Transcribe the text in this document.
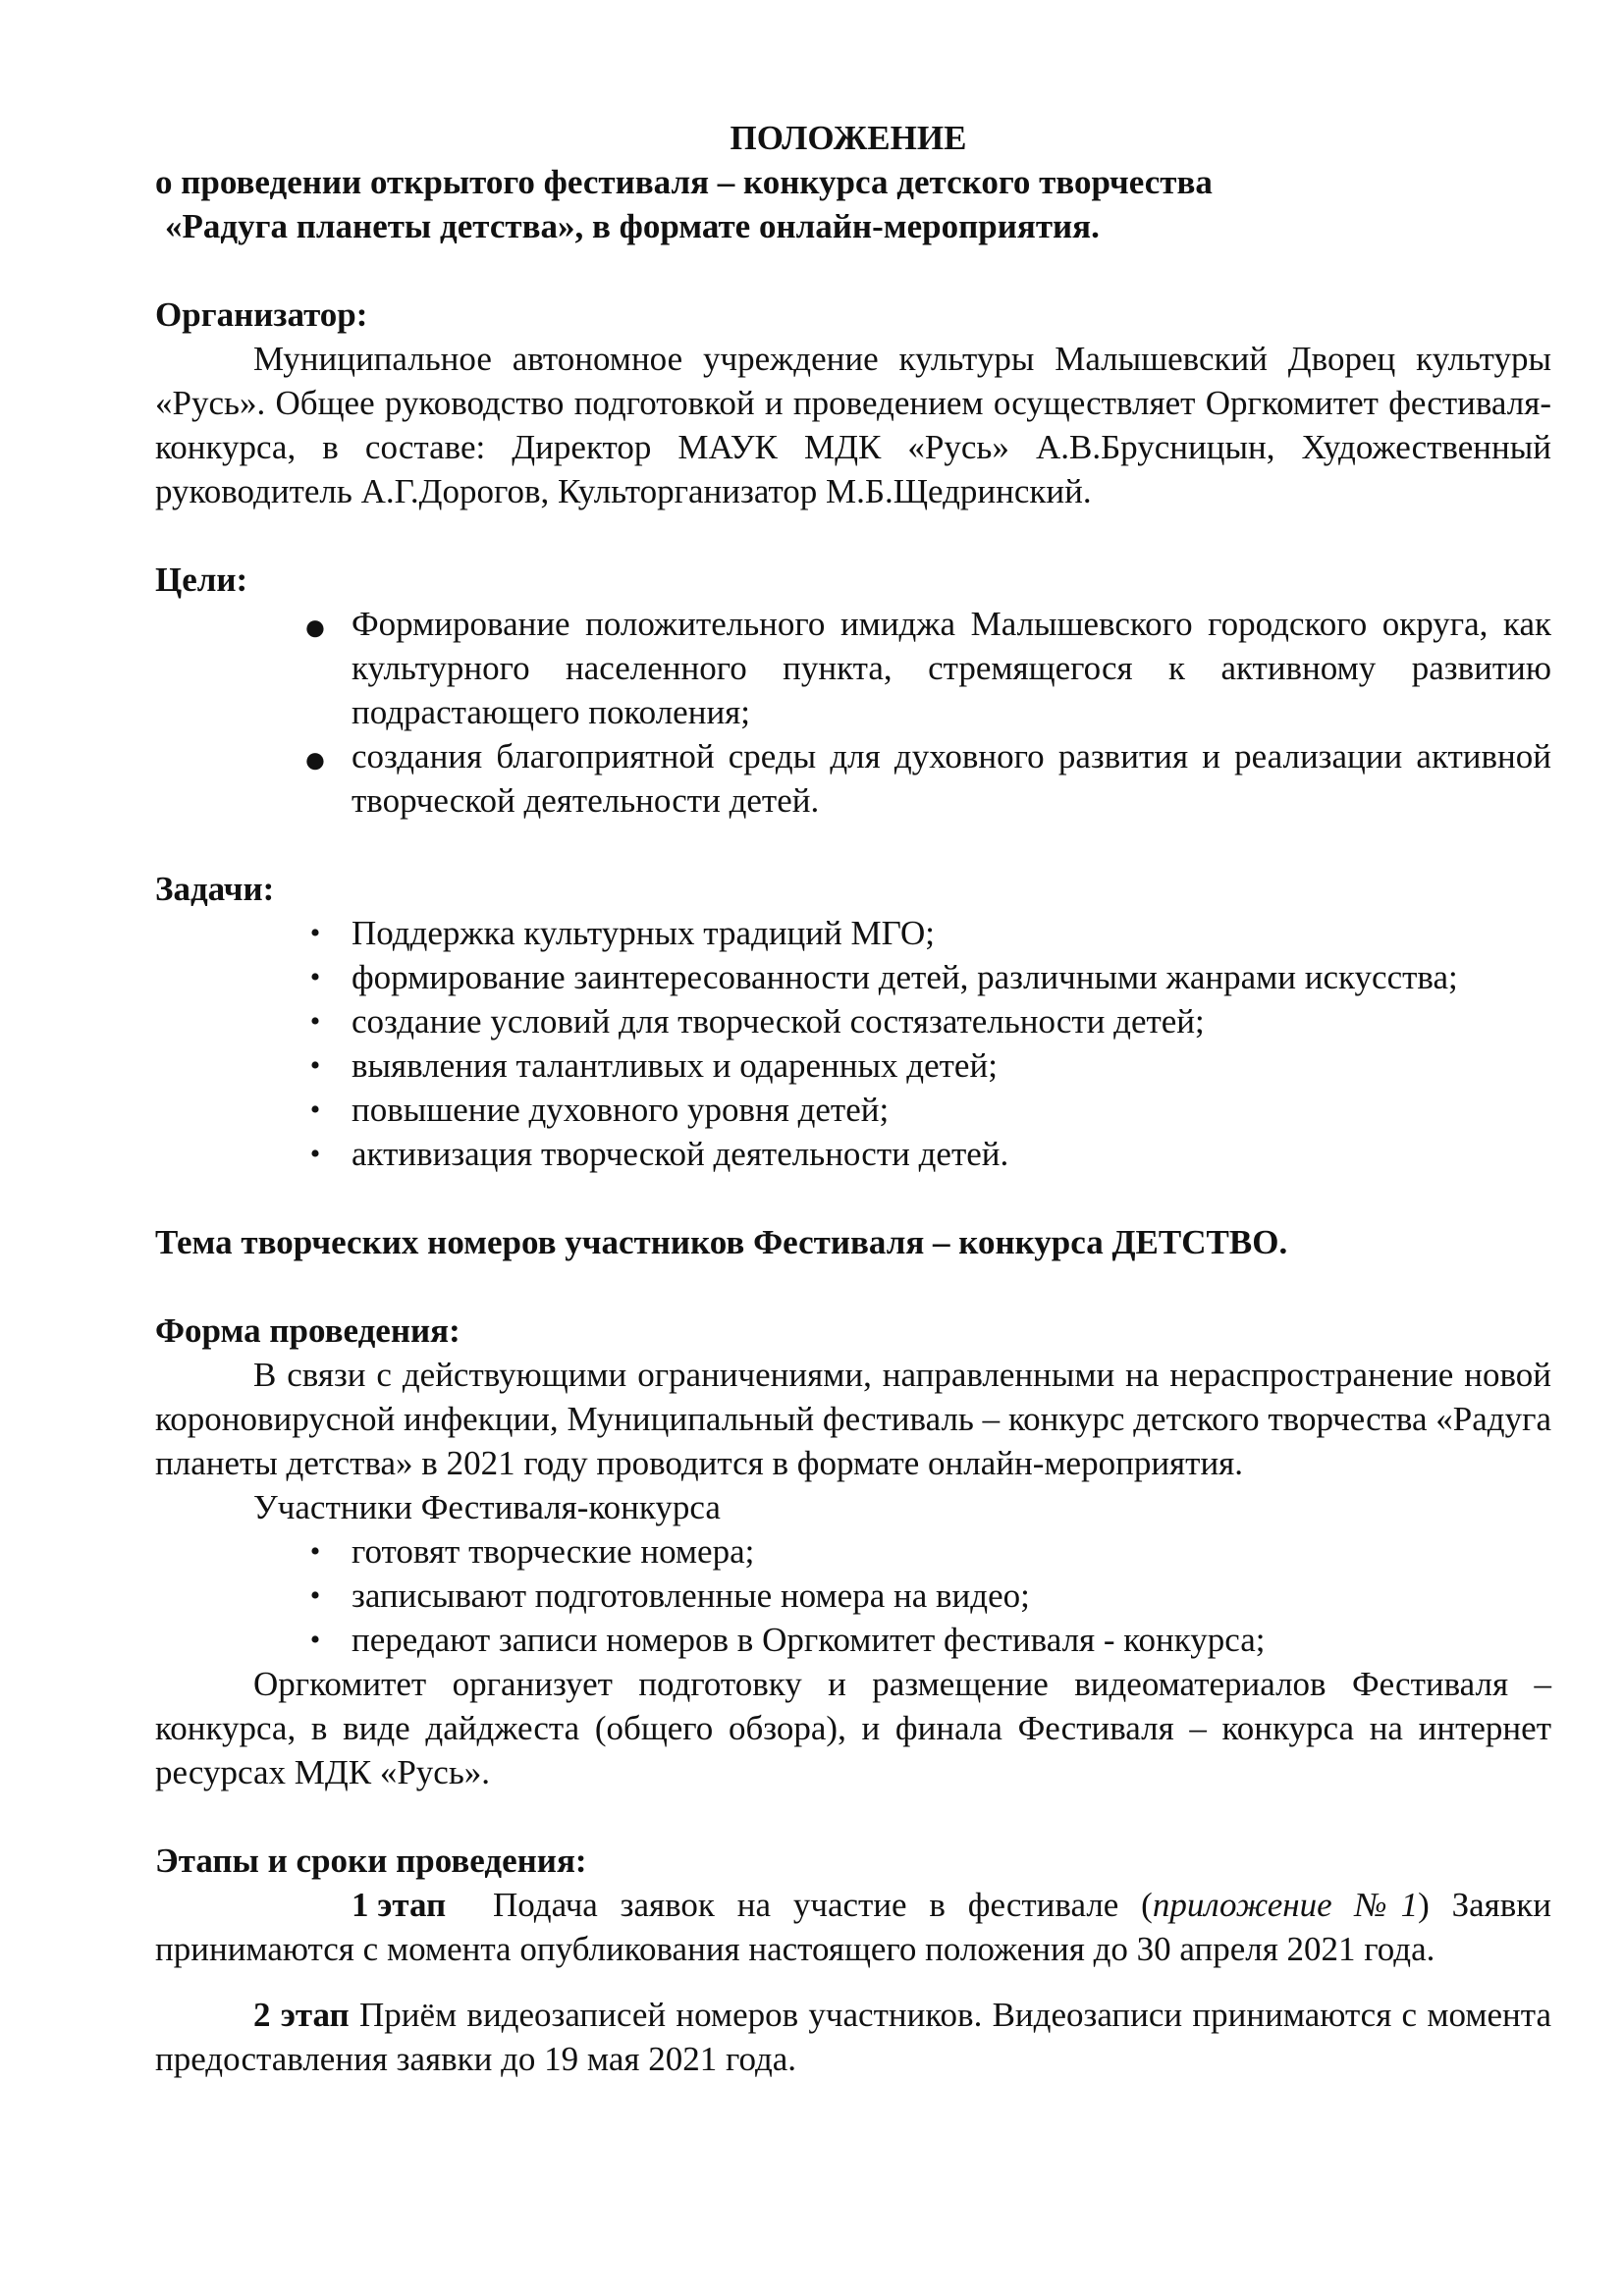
ПОЛОЖЕНИЕ

о проведении открытого фестиваля – конкурса детского творчества

«Радуга планеты детства», в формате онлайн-мероприятия.

Организатор:

Муниципальное автономное учреждение культуры Малышевский Дворец культуры «Русь». Общее руководство подготовкой и проведением осуществляет Оргкомитет фестиваля-конкурса, в составе: Директор МАУК МДК «Русь» А.В.Брусницын, Художественный руководитель А.Г.Дорогов, Культорганизатор М.Б.Щедринский.

Цели:

● Формирование положительного имиджа Малышевского городского округа, как культурного населенного пункта, стремящегося к активному развитию подрастающего поколения;
● создания благоприятной среды для духовного развития и реализации активной творческой деятельности детей.

Задачи:

• Поддержка культурных традиций МГО;
• формирование заинтересованности детей, различными жанрами искусства;
• создание условий для творческой состязательности детей;
• выявления талантливых и одаренных детей;
• повышение духовного уровня детей;
• активизация творческой деятельности детей.

Тема творческих номеров участников Фестиваля – конкурса ДЕТСТВО.

Форма проведения:

В связи с действующими ограничениями, направленными на нераспространение новой короновирусной инфекции, Муниципальный фестиваль – конкурс детского творчества «Радуга планеты детства» в 2021 году проводится в формате онлайн-мероприятия.

Участники Фестиваля-конкурса

• готовят творческие номера;
• записывают подготовленные номера на видео;
• передают записи номеров в Оргкомитет фестиваля - конкурса;

Оргкомитет организует подготовку и размещение видеоматериалов Фестиваля – конкурса, в виде дайджеста (общего обзора), и финала Фестиваля – конкурса на интернет ресурсах МДК «Русь».

Этапы и сроки проведения:

1 этап Подача заявок на участие в фестивале (приложение №1) Заявки принимаются с момента опубликования настоящего положения до 30 апреля 2021 года.

2 этап Приём видеозаписей номеров участников. Видеозаписи принимаются с момента предоставления заявки до 19 мая 2021 года.
